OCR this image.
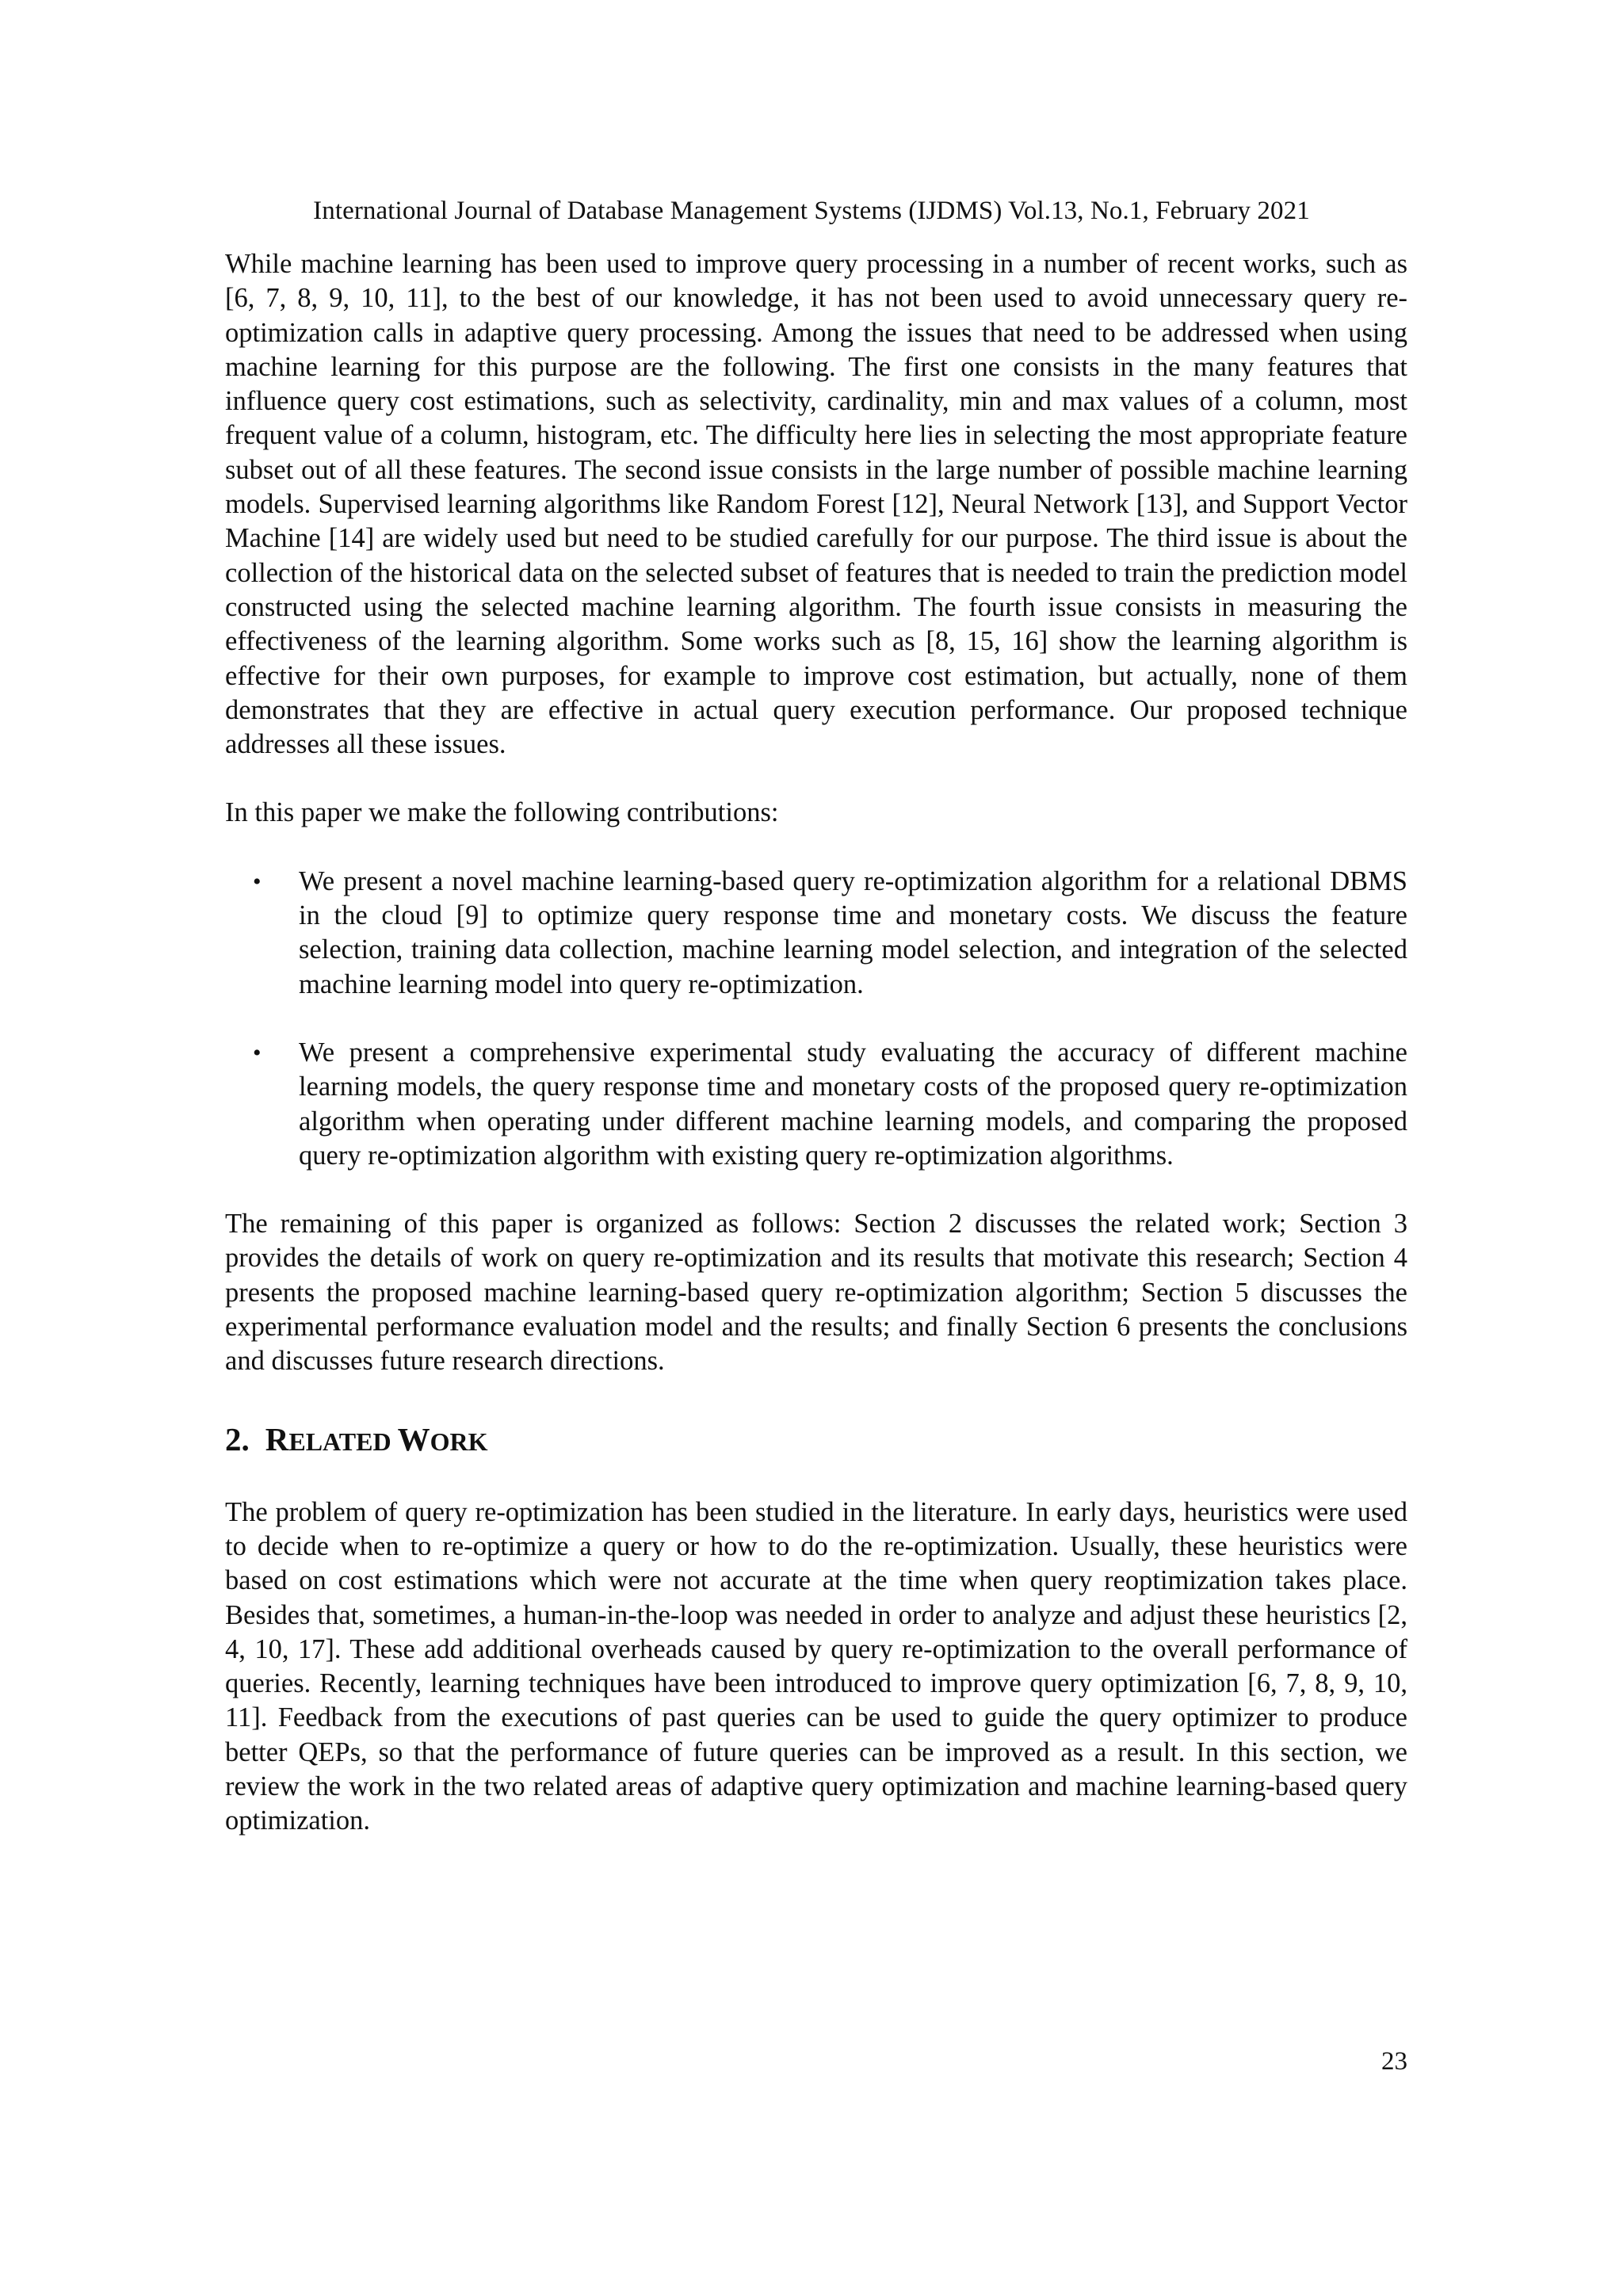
International Journal of Database Management Systems (IJDMS) Vol.13, No.1, February 2021

While machine learning has been used to improve query processing in a number of recent works, such as [6, 7, 8, 9, 10, 11], to the best of our knowledge, it has not been used to avoid unnecessary query re-optimization calls in adaptive query processing. Among the issues that need to be addressed when using machine learning for this purpose are the following. The first one consists in the many features that influence query cost estimations, such as selectivity, cardinality, min and max values of a column, most frequent value of a column, histogram, etc. The difficulty here lies in selecting the most appropriate feature subset out of all these features. The second issue consists in the large number of possible machine learning models. Supervised learning algorithms like Random Forest [12], Neural Network [13], and Support Vector Machine [14] are widely used but need to be studied carefully for our purpose. The third issue is about the collection of the historical data on the selected subset of features that is needed to train the prediction model constructed using the selected machine learning algorithm. The fourth issue consists in measuring the effectiveness of the learning algorithm. Some works such as [8, 15, 16] show the learning algorithm is effective for their own purposes, for example to improve cost estimation, but actually, none of them demonstrates that they are effective in actual query execution performance. Our proposed technique addresses all these issues.

In this paper we make the following contributions:

• We present a novel machine learning-based query re-optimization algorithm for a relational DBMS in the cloud [9] to optimize query response time and monetary costs. We discuss the feature selection, training data collection, machine learning model selection, and integration of the selected machine learning model into query re-optimization.
• We present a comprehensive experimental study evaluating the accuracy of different machine learning models, the query response time and monetary costs of the proposed query re-optimization algorithm when operating under different machine learning models, and comparing the proposed query re-optimization algorithm with existing query re-optimization algorithms.

The remaining of this paper is organized as follows: Section 2 discusses the related work; Section 3 provides the details of work on query re-optimization and its results that motivate this research; Section 4 presents the proposed machine learning-based query re-optimization algorithm; Section 5 discusses the experimental performance evaluation model and the results; and finally Section 6 presents the conclusions and discusses future research directions.

2. RELATED WORK

The problem of query re-optimization has been studied in the literature. In early days, heuristics were used to decide when to re-optimize a query or how to do the re-optimization. Usually, these heuristics were based on cost estimations which were not accurate at the time when query reoptimization takes place. Besides that, sometimes, a human-in-the-loop was needed in order to analyze and adjust these heuristics [2, 4, 10, 17]. These add additional overheads caused by query re-optimization to the overall performance of queries. Recently, learning techniques have been introduced to improve query optimization [6, 7, 8, 9, 10, 11]. Feedback from the executions of past queries can be used to guide the query optimizer to produce better QEPs, so that the performance of future queries can be improved as a result. In this section, we review the work in the two related areas of adaptive query optimization and machine learning-based query optimization.

23
